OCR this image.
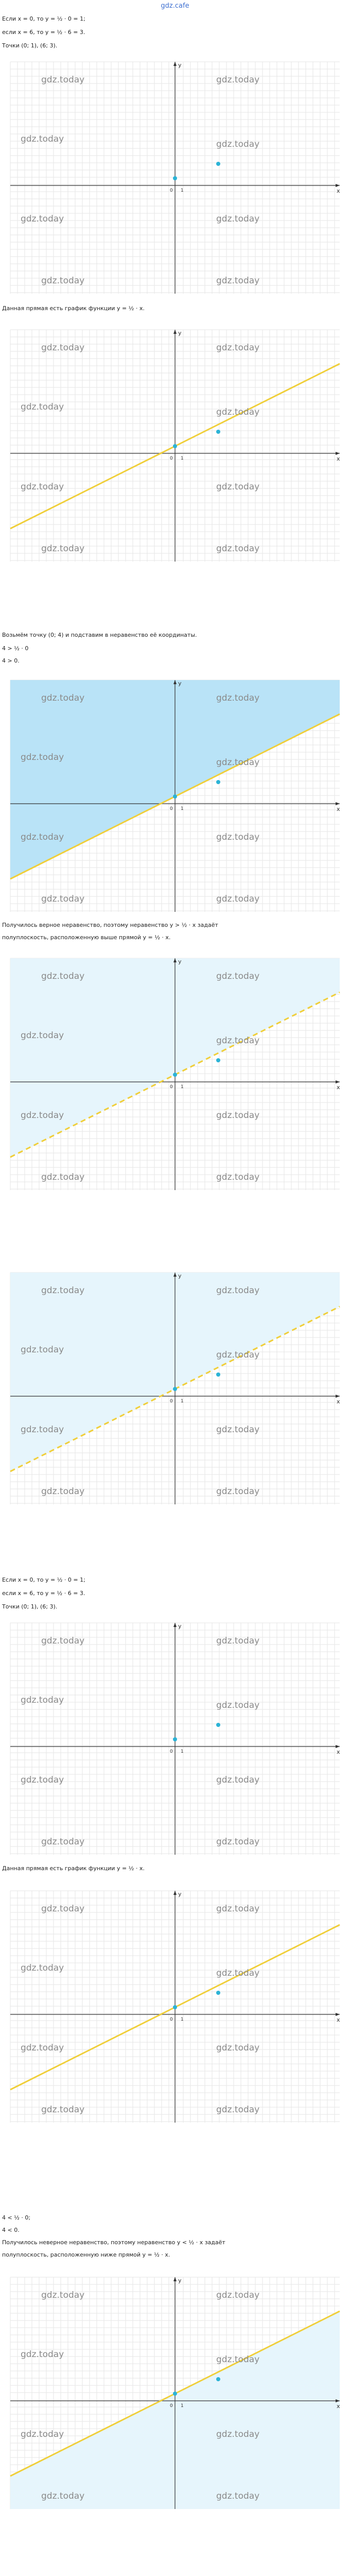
gdz.cafe
Если x = 0, то y = ½ · 0 = 1;
если x = 6, то y = ½ · 6 = 3.
Точки (0; 1), (6; 3).
x
y
0 1
gdz.today	gdz.today
gdz.today	gdz.today
gdz.today	gdz.today
gdz.today	gdz.today
Данная прямая есть график функции y = ½ · x.
x
y
0 1
gdz.today	gdz.today
gdz.today	gdz.today
gdz.today	gdz.today
gdz.today	gdz.today
Возьмём точку (0; 4) и подставим в неравенство её координаты.
4 > ½ · 0
4 > 0.
x
y
0 1
gdz.today	gdz.today
gdz.today	gdz.today
gdz.today	gdz.today
gdz.today	gdz.today
Получилось верное неравенство, поэтому неравенство y > ½ · x задаёт
полуплоскость, расположенную выше прямой y = ½ · x.
x
y
0 1
gdz.today	gdz.today
gdz.today	gdz.today
gdz.today	gdz.today
gdz.today	gdz.today
x
y
0 1
gdz.today	gdz.today
gdz.today	gdz.today
gdz.today	gdz.today
gdz.today	gdz.today
Если x = 0, то y = ½ · 0 = 1;
если x = 6, то y = ½ · 6 = 3.
Точки (0; 1), (6; 3).
x
y
0 1
gdz.today	gdz.today
gdz.today	gdz.today
gdz.today	gdz.today
gdz.today	gdz.today
Данная прямая есть график функции y = ½ · x.
x
y
0 1
gdz.today	gdz.today
gdz.today	gdz.today
gdz.today	gdz.today
gdz.today	gdz.today
4 < ½ · 0;
4 < 0.
Получилось неверное неравенство, поэтому неравенство y < ½ · x задаёт
полуплоскость, расположенную ниже прямой y = ½ · x.
x
y
0 1
gdz.today	gdz.today
gdz.today	gdz.today
gdz.today	gdz.today
gdz.today	gdz.today
